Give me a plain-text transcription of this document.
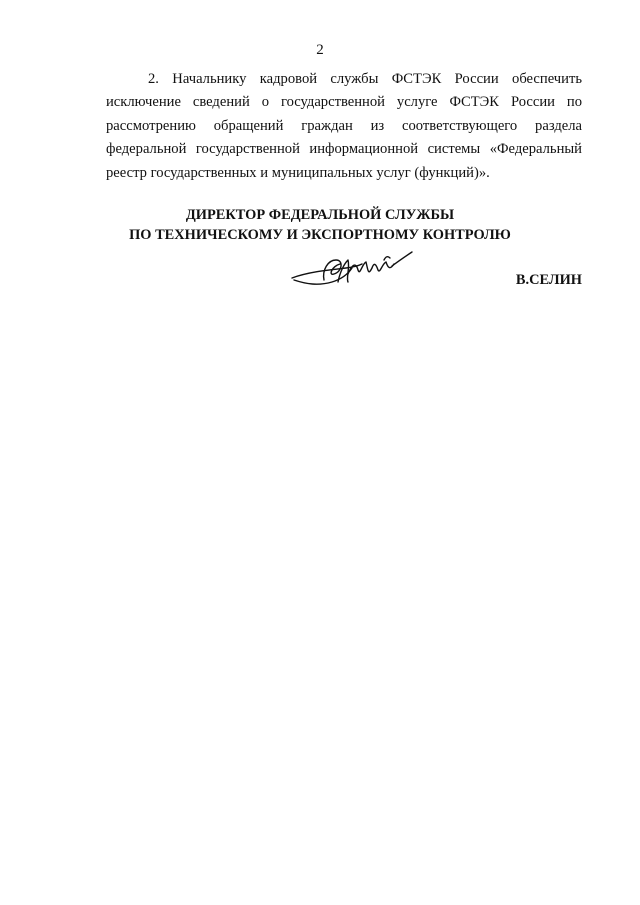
2

2. Начальнику кадровой службы ФСТЭК России обеспечить исключение сведений о государственной услуге ФСТЭК России по рассмотрению обращений граждан из соответствующего раздела федеральной государственной информационной системы «Федеральный реестр государственных и муниципальных услуг (функций)».

ДИРЕКТОР ФЕДЕРАЛЬНОЙ СЛУЖБЫ
ПО ТЕХНИЧЕСКОМУ И ЭКСПОРТНОМУ КОНТРОЛЮ
В.СЕЛИН
